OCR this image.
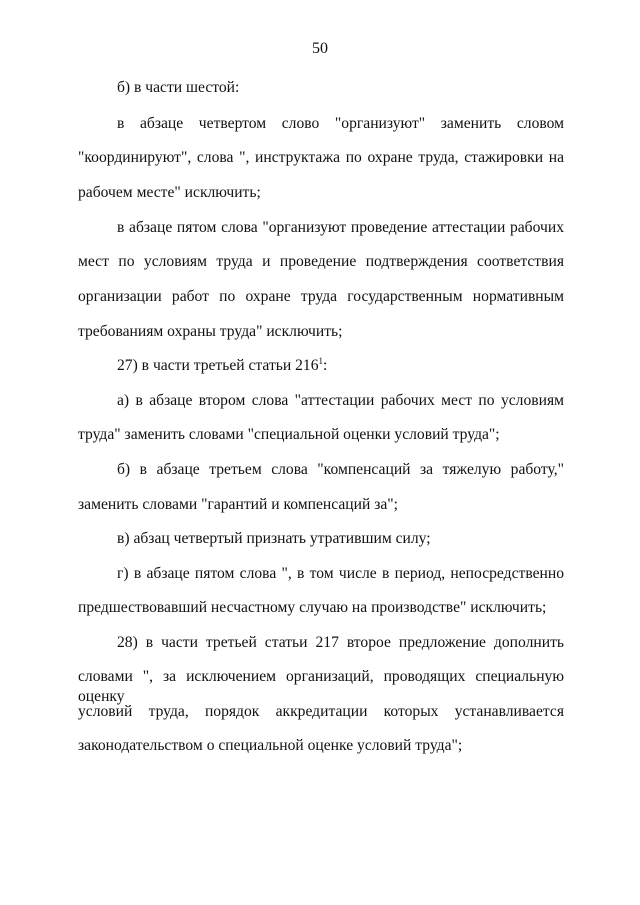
50
б) в части шестой:
в абзаце четвертом слово "организуют" заменить словом
"координируют", слова ", инструктажа по охране труда, стажировки на
рабочем месте" исключить;
в абзаце пятом слова "организуют проведение аттестации рабочих
мест по условиям труда и проведение подтверждения соответствия
организации работ по охране труда государственным нормативным
требованиям охраны труда" исключить;
27) в части третьей статьи $216^1$:
а) в абзаце втором слова "аттестации рабочих мест по условиям
труда" заменить словами "специальной оценки условий труда";
б) в абзаце третьем слова "компенсаций за тяжелую работу,"
заменить словами "гарантий и компенсаций за";
в) абзац четвертый признать утратившим силу;
г) в абзаце пятом слова ", в том числе в период, непосредственно
предшествовавший несчастному случаю на производстве" исключить;
28) в части третьей статьи 217 второе предложение дополнить
словами ", за исключением организаций, проводящих специальную оценку
условий труда, порядок аккредитации которых устанавливается
законодательством о специальной оценке условий труда";
